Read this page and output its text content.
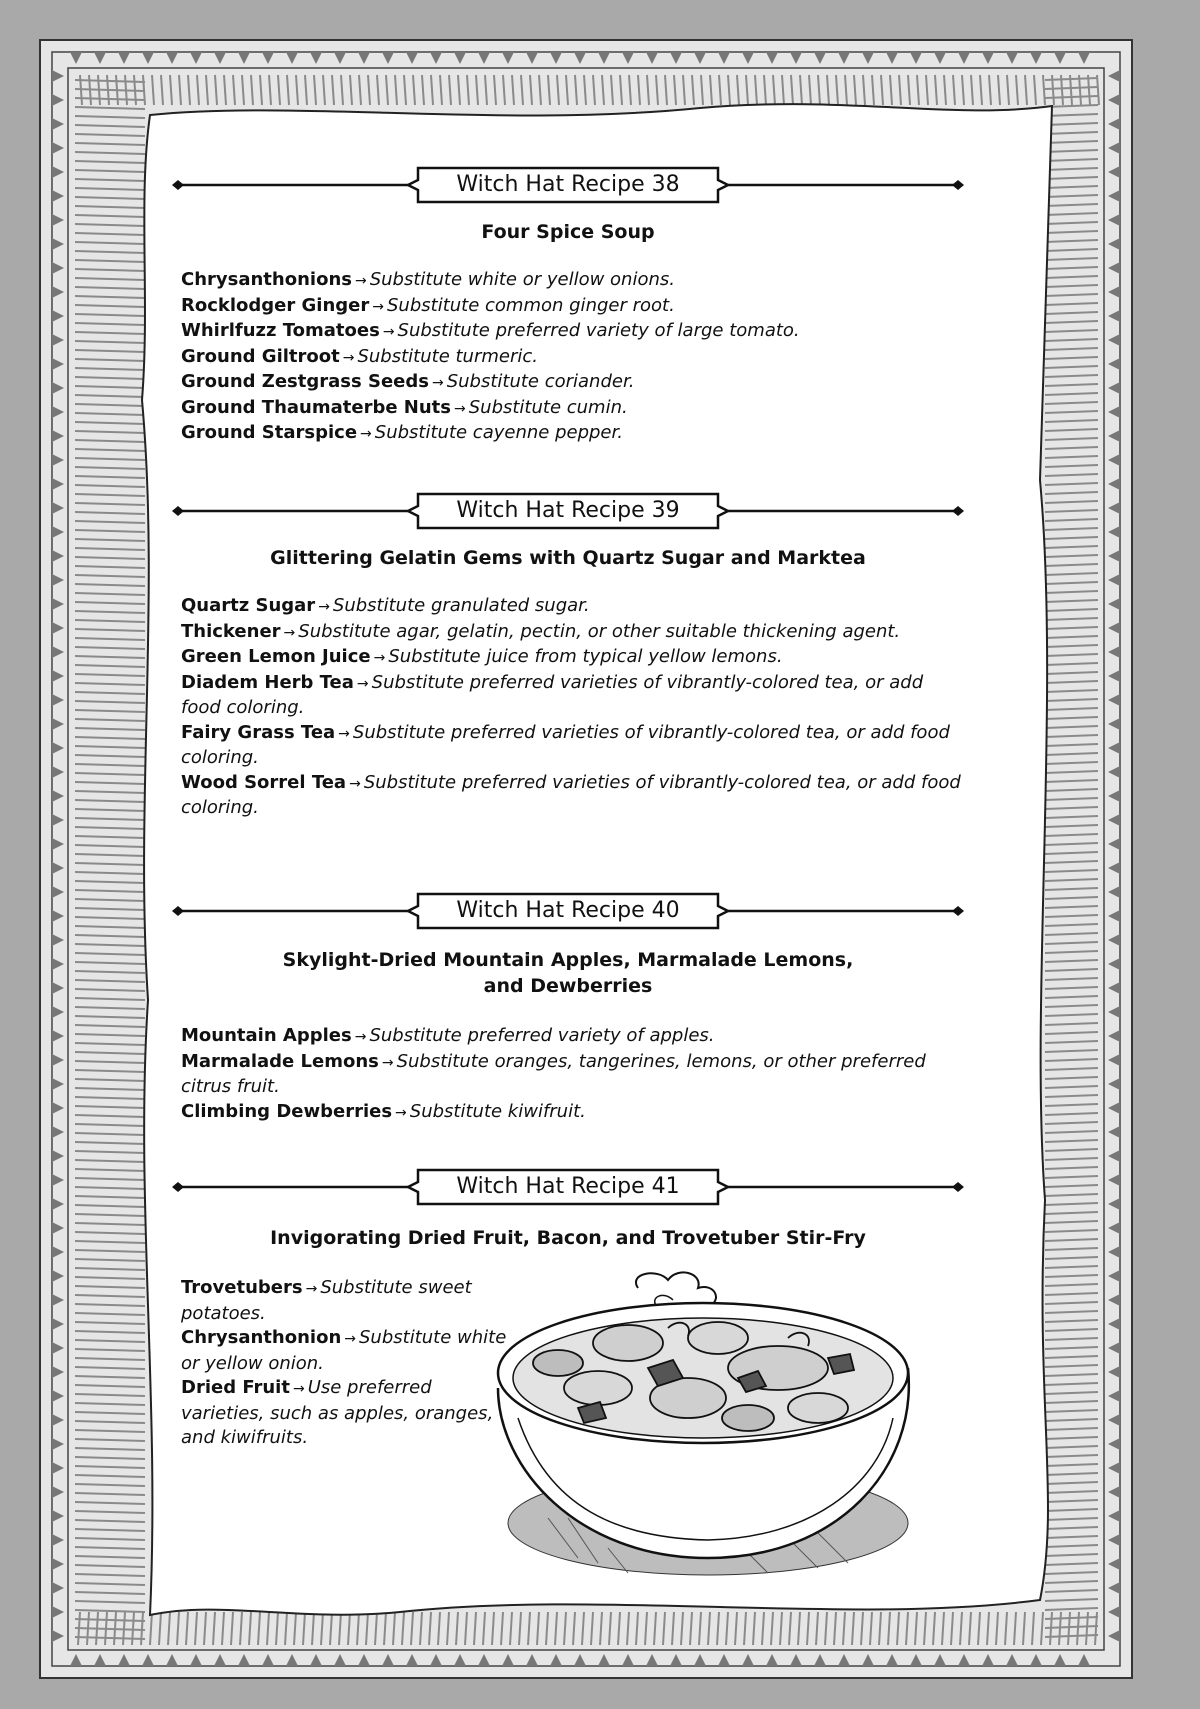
Witch Hat Recipe 38
Four Spice Soup
Chrysanthonions → Substitute white or yellow onions.
Rocklodger Ginger → Substitute common ginger root.
Whirlfuzz Tomatoes → Substitute preferred variety of large tomato.
Ground Giltroot → Substitute turmeric.
Ground Zestgrass Seeds → Substitute coriander.
Ground Thaumaterbe Nuts → Substitute cumin.
Ground Starspice → Substitute cayenne pepper.
Witch Hat Recipe 39
Glittering Gelatin Gems with Quartz Sugar and Marktea
Quartz Sugar → Substitute granulated sugar.
Thickener → Substitute agar, gelatin, pectin, or other suitable thickening agent.
Green Lemon Juice → Substitute juice from typical yellow lemons.
Diadem Herb Tea → Substitute preferred varieties of vibrantly-colored tea, or add food coloring.
Fairy Grass Tea → Substitute preferred varieties of vibrantly-colored tea, or add food coloring.
Wood Sorrel Tea → Substitute preferred varieties of vibrantly-colored tea, or add food coloring.
Witch Hat Recipe 40
Skylight-Dried Mountain Apples, Marmalade Lemons,
and Dewberries
Mountain Apples → Substitute preferred variety of apples.
Marmalade Lemons → Substitute oranges, tangerines, lemons, or other preferred citrus fruit.
Climbing Dewberries → Substitute kiwifruit.
Witch Hat Recipe 41
Invigorating Dried Fruit, Bacon, and Trovetuber Stir-Fry
Trovetubers → Substitute sweet potatoes.
Chrysanthonion → Substitute white or yellow onion.
Dried Fruit → Use preferred varieties, such as apples, oranges, and kiwifruits.
